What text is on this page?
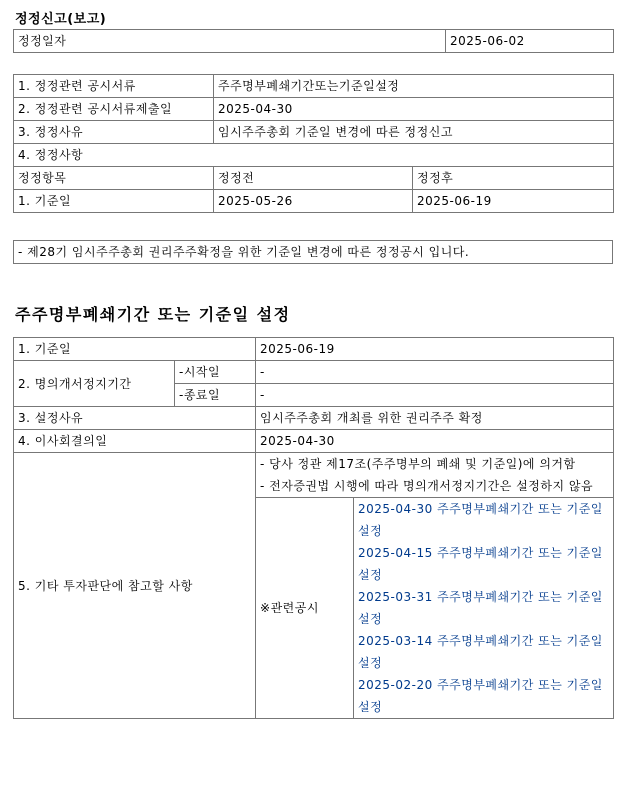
정정신고(보고)
정정일자	2025-06-02
1. 정정관련 공시서류	주주명부폐쇄기간또는기준일설정	
2. 정정관련 공시서류제출일	2025-04-30	
3. 정정사유	임시주주총회 기준일 변경에 따른 정정신고	
4. 정정사항		
정정항목	정정전	정정후
1. 기준일	2025-05-26	2025-06-19
- 제28기 임시주주총회 권리주주확정을 위한 기준일 변경에 따른 정정공시 입니다.
주주명부폐쇄기간 또는 기준일 설정
1. 기준일		2025-06-19	
2. 명의개서정지기간	-시작일	-	
	-종료일	-	
3. 설정사유		임시주주총회 개최를 위한 권리주주 확정	
4. 이사회결의일		2025-04-30	
5. 기타 투자판단에 참고할 사항		- 당사 정관 제17조(주주명부의 폐쇄 및 기준일)에 의거함
- 전자증권법 시행에 따라 명의개서정지기간은 설정하지 않음	

		※관련공시	2025-04-30 주주명부폐쇄기간 또는 기준일 설정
2025-04-15 주주명부폐쇄기간 또는 기준일 설정
2025-03-31 주주명부폐쇄기간 또는 기준일 설정
2025-03-14 주주명부폐쇄기간 또는 기준일 설정
2025-02-20 주주명부폐쇄기간 또는 기준일 설정
